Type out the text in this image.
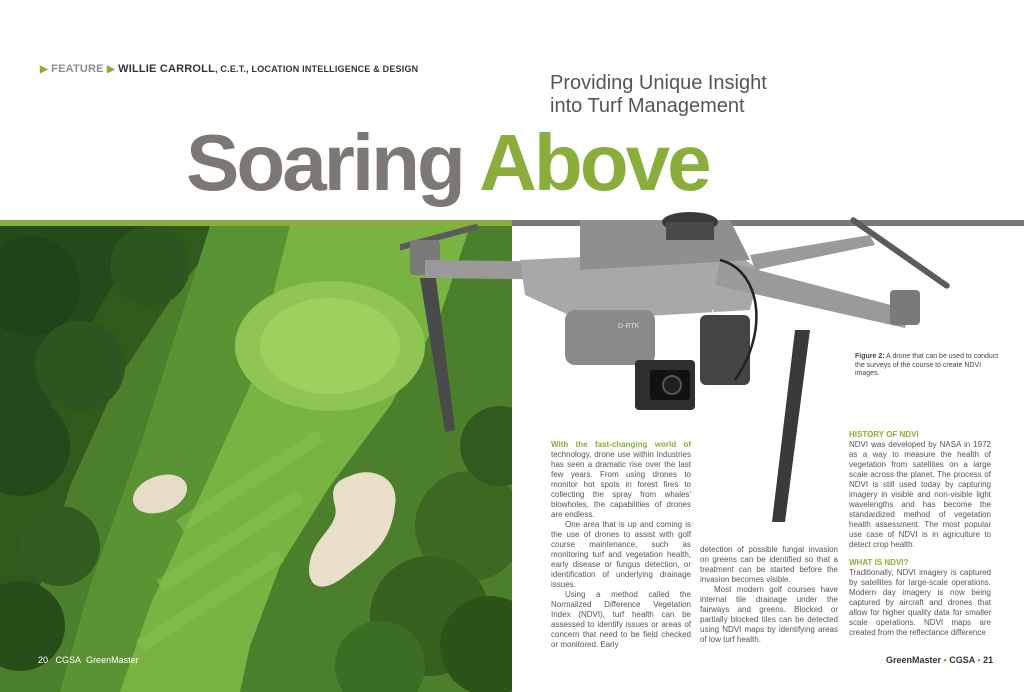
▶ FEATURE ▶ WILLIE CARROLL, C.E.T., LOCATION INTELLIGENCE & DESIGN
Providing Unique Insight
into Turf Management
Soaring Above
D-RTK
Figure 2: A drone that can be used to conduct the surveys of the course to create NDVI images.

With the fast-changing world of technology, drone use within industries has seen a dramatic rise over the last few years. From using drones to monitor hot spots in forest fires to collecting the spray from whales' blowholes, the capabilities of drones are endless.

One area that is up and coming is the use of drones to assist with golf course maintenance, such as monitoring turf and vegetation health, early disease or fungus detection, or identification of underlying drainage issues.

Using a method called the Normalized Difference Vegetation Index (NDVI), turf health can be assessed to identify issues or areas of concern that need to be field checked or monitored. Early

detection of possible fungal invasion on greens can be identified so that a treatment can be started before the invasion becomes visible.

Most modern golf courses have internal tile drainage under the fairways and greens. Blocked or partially blocked tiles can be detected using NDVI maps by identifying areas of low turf health.

HISTORY OF NDVI

NDVI was developed by NASA in 1972 as a way to measure the health of vegetation from satellites on a large scale across the planet. The process of NDVI is still used today by capturing imagery in visible and non-visible light wavelengths and has become the standardized method of vegetation health assessment. The most popular use case of NDVI is in agriculture to detect crop health.

WHAT IS NDVI?

Traditionally, NDVI imagery is captured by satellites for large-scale operations. Modern day imagery is now being captured by aircraft and drones that allow for higher quality data for smaller scale operations. NDVI maps are created from the reflectance difference

20 CGSA GreenMaster	GreenMaster • CGSA • 21
